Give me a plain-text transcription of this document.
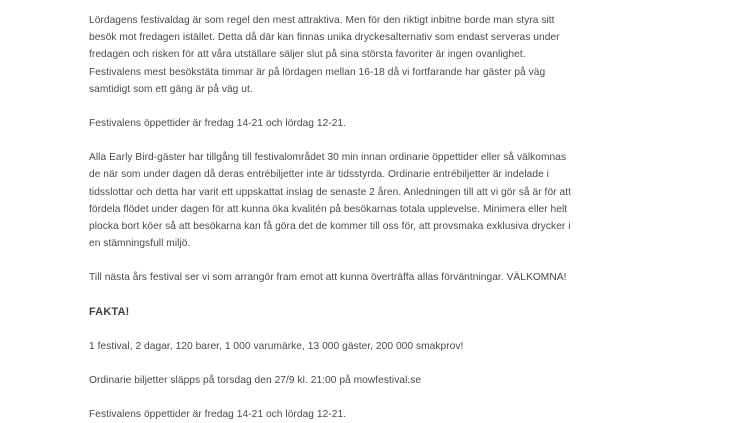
Lördagens festivaldag är som regel den mest attraktiva. Men för den riktigt inbitne borde man styra sitt
besök mot fredagen istället. Detta då där kan finnas unika dryckesalternativ som endast serveras under
fredagen och risken för att våra utställare säljer slut på sina största favoriter är ingen ovanlighet.
Festivalens mest besökstäta timmar är på lördagen mellan 16-18 då vi fortfarande har gäster på väg
samtidigt som ett gäng är på väg ut.

Festivalens öppettider är fredag 14-21 och lördag 12-21.

Alla Early Bird-gäster har tillgång till festivalområdet 30 min innan ordinarie öppettider eller så välkomnas
de när som under dagen då deras entrébiljetter inte är tidsstyrda. Ordinarie entrébiljetter är indelade i
tidsslottar och detta har varit ett uppskattat inslag de senaste 2 åren. Anledningen till att vi gör så är för att
fördela flödet under dagen för att kunna öka kvalitén på besökarnas totala upplevelse. Minimera eller helt
plocka bort köer så att besökarna kan få göra det de kommer till oss för, att provsmaka exklusiva drycker i
en stämningsfull miljö.

Till nästa års festival ser vi som arrangör fram emot att kunna överträffa allas förväntningar. VÄLKOMNA!

FAKTA!

1 festival, 2 dagar, 120 barer, 1 000 varumärke, 13 000 gäster, 200 000 smakprov!

Ordinarie biljetter släpps på torsdag den 27/9 kl. 21:00 på mowfestival.se

Festivalens öppettider är fredag 14-21 och lördag 12-21.
